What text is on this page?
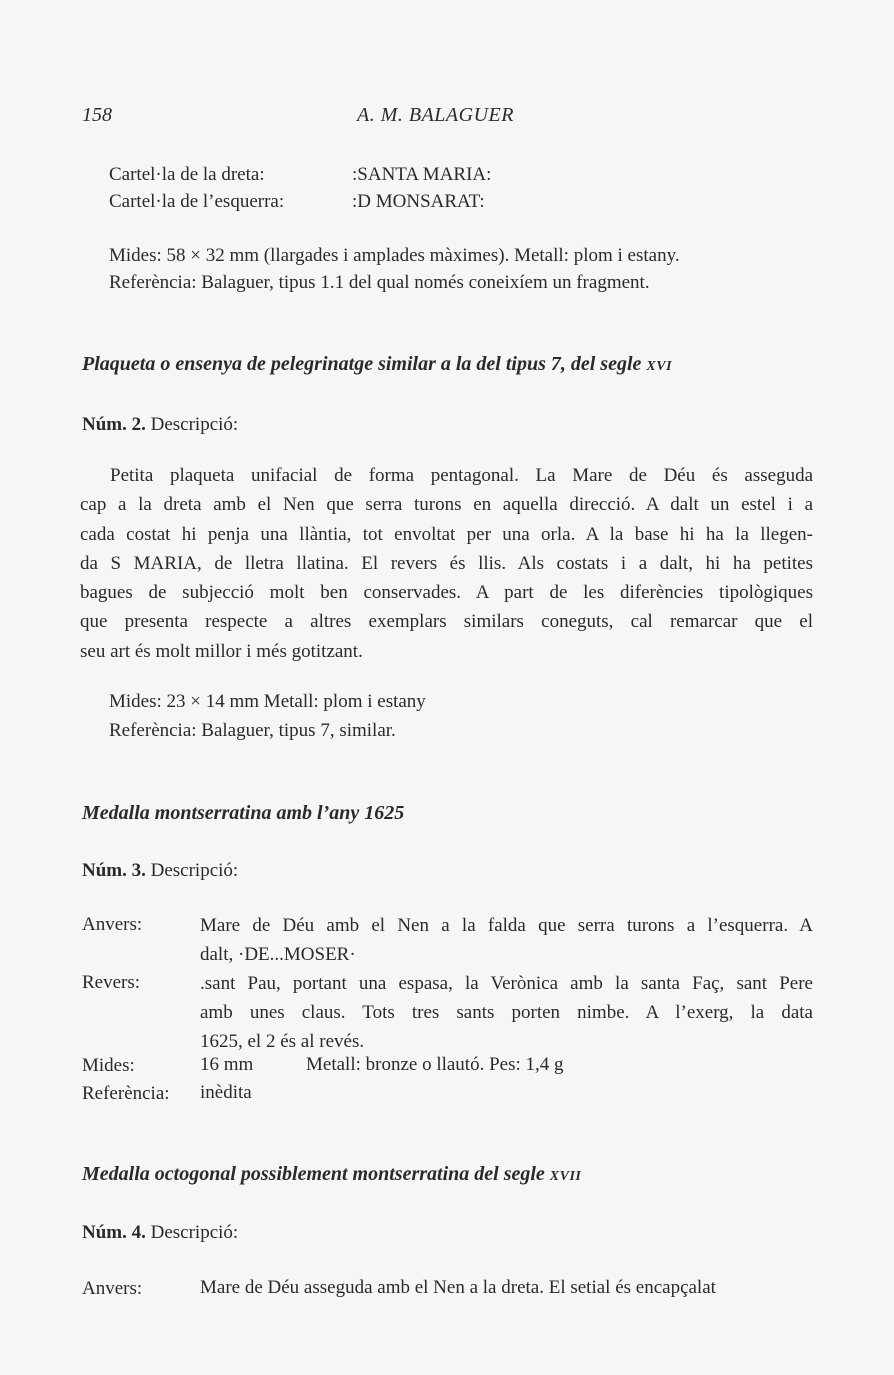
158	A. M. BALAGUER
Cartel·la de la dreta:	:SANTA MARIA:
Cartel·la de l’esquerra:	:D MONSARAT:
Mides: 58 × 32 mm (llargades i amplades màximes). Metall: plom i estany.
Referència: Balaguer, tipus 1.1 del qual només coneixíem un fragment.
Plaqueta o ensenya de pelegrinatge similar a la del tipus 7, del segle XVI
Núm. 2. Descripció:
Petita plaqueta unifacial de forma pentagonal. La Mare de Déu és asseguda
cap a la dreta amb el Nen que serra turons en aquella direcció. A dalt un estel i a
cada costat hi penja una llàntia, tot envoltat per una orla. A la base hi ha la llegen-
da S MARIA, de lletra llatina. El revers és llis. Als costats i a dalt, hi ha petites
bagues de subjecció molt ben conservades. A part de les diferències tipològiques
que presenta respecte a altres exemplars similars coneguts, cal remarcar que el
seu art és molt millor i més gotitzant.
Mides: 23 × 14 mm Metall: plom i estany
Referència: Balaguer, tipus 7, similar.
Medalla montserratina amb l’any 1625
Núm. 3. Descripció:
Anvers:	Mare de Déu amb el Nen a la falda que serra turons a l’esquerra. A
dalt, ·DE...MOSER·
Revers:	.sant Pau, portant una espasa, la Verònica amb la santa Faç, sant Pere
amb unes claus. Tots tres sants porten nimbe. A l’exerg, la data
1625, el 2 és al revés.
Mides:	16 mm	Metall: bronze o llautó. Pes: 1,4 g
Referència: inèdita
Medalla octogonal possiblement montserratina del segle XVII
Núm. 4. Descripció:
Anvers:	Mare de Déu asseguda amb el Nen a la dreta. El setial és encapçalat
